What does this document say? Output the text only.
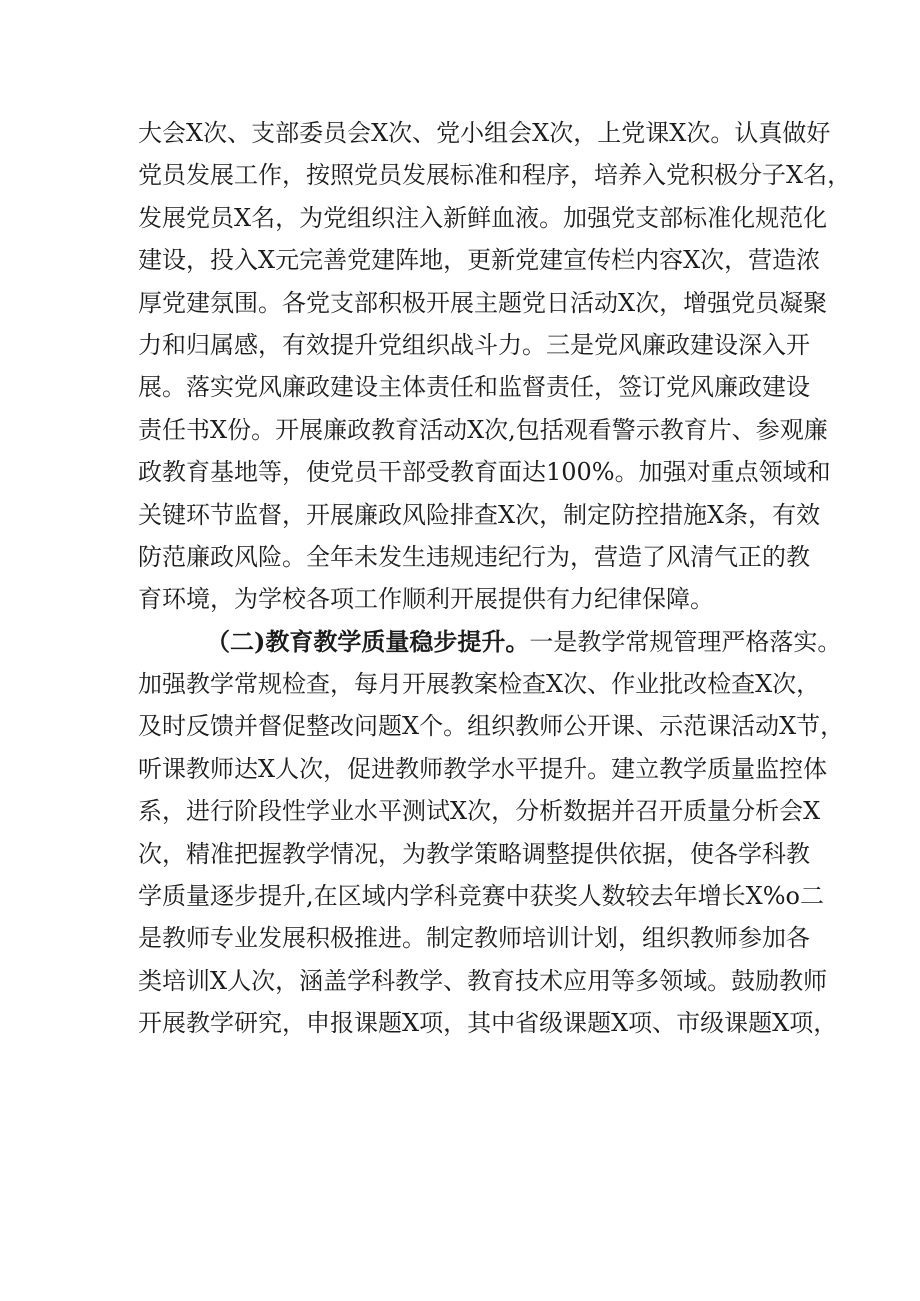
大会X次、支部委员会X次、党小组会X次，上党课X次。认真做好
党员发展工作，按照党员发展标准和程序，培养入党积极分子X名，
发展党员X名，为党组织注入新鲜血液。加强党支部标准化规范化
建设，投入X元完善党建阵地，更新党建宣传栏内容X次，营造浓
厚党建氛围。各党支部积极开展主题党日活动X次，增强党员凝聚
力和归属感，有效提升党组织战斗力。三是党风廉政建设深入开
展。落实党风廉政建设主体责任和监督责任，签订党风廉政建设
责任书X份。开展廉政教育活动X次,包括观看警示教育片、参观廉
政教育基地等，使党员干部受教育面达100%。加强对重点领域和
关键环节监督，开展廉政风险排查X次，制定防控措施X条，有效
防范廉政风险。全年未发生违规违纪行为，营造了风清气正的教
育环境，为学校各项工作顺利开展提供有力纪律保障。
（二)教育教学质量稳步提升。一是教学常规管理严格落实。
加强教学常规检查，每月开展教案检查X次、作业批改检查X次，
及时反馈并督促整改问题X个。组织教师公开课、示范课活动X节，
听课教师达X人次，促进教师教学水平提升。建立教学质量监控体
系，进行阶段性学业水平测试X次，分析数据并召开质量分析会X
次，精准把握教学情况，为教学策略调整提供依据，使各学科教
学质量逐步提升,在区域内学科竞赛中获奖人数较去年增长X%o二
是教师专业发展积极推进。制定教师培训计划，组织教师参加各
类培训X人次，涵盖学科教学、教育技术应用等多领域。鼓励教师
开展教学研究，申报课题X项，其中省级课题X项、市级课题X项，
